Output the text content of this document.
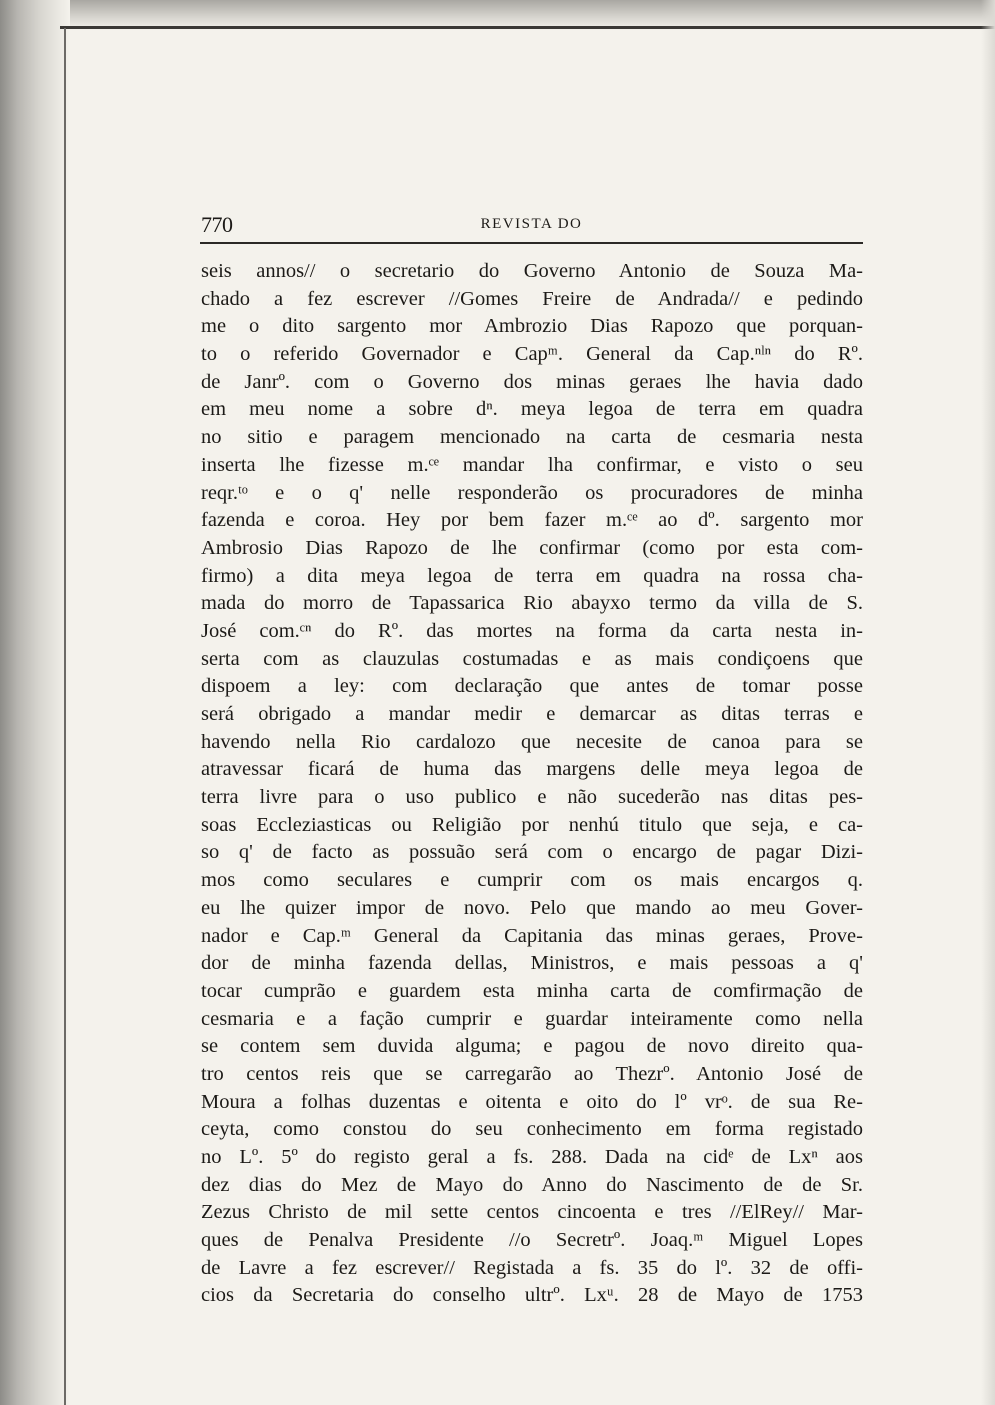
770	REVISTA DO
seis annos// o secretario do Governo Antonio de Souza Ma-
chado a fez escrever //Gomes Freire de Andrada// e pedindo
me o dito sargento mor Ambrozio Dias Rapozo que porquan-
to o referido Governador e Capᵐ. General da Cap.ⁿˡⁿ do Rº.
de Janrº. com o Governo dos minas geraes lhe havia dado
em meu nome a sobre dⁿ. meya legoa de terra em quadra
no sitio e paragem mencionado na carta de cesmaria nesta
inserta lhe fizesse m.ᶜᵉ mandar lha confirmar, e visto o seu
reqr.ᵗᵒ e o q' nelle responderão os procuradores de minha
fazenda e coroa. Hey por bem fazer m.ᶜᵉ ao dº. sargento mor
Ambrosio Dias Rapozo de lhe confirmar (como por esta com-
firmo) a dita meya legoa de terra em quadra na rossa cha-
mada do morro de Tapassarica Rio abayxo termo da villa de S.
José com.ᶜⁿ do Rº. das mortes na forma da carta nesta in-
serta com as clauzulas costumadas e as mais condiçoens que
dispoem a ley: com declaração que antes de tomar posse
será obrigado a mandar medir e demarcar as ditas terras e
havendo nella Rio cardalozo que necesite de canoa para se
atravessar ficará de huma das margens delle meya legoa de
terra livre para o uso publico e não sucederão nas ditas pes-
soas Eccleziasticas ou Religião por nenhú titulo que seja, e ca-
so q' de facto as possuão será com o encargo de pagar Dizi-
mos como seculares e cumprir com os mais encargos q.
eu lhe quizer impor de novo. Pelo que mando ao meu Gover-
nador e Cap.ᵐ General da Capitania das minas geraes, Prove-
dor de minha fazenda dellas, Ministros, e mais pessoas a q'
tocar cumprão e guardem esta minha carta de comfirmação de
cesmaria e a fação cumprir e guardar inteiramente como nella
se contem sem duvida alguma; e pagou de novo direito qua-
tro centos reis que se carregarão ao Thezrº. Antonio José de
Moura a folhas duzentas e oitenta e oito do lº vrᵒ. de sua Re-
ceyta, como constou do seu conhecimento em forma registado
no Lº. 5º do registo geral a fs. 288. Dada na cidᵉ de Lxⁿ aos
dez dias do Mez de Mayo do Anno do Nascimento de de Sr.
Zezus Christo de mil sette centos cincoenta e tres //ElRey// Mar-
ques de Penalva Presidente //o Secretrº. Joaq.ᵐ Miguel Lopes
de Lavre a fez escrever// Registada a fs. 35 do lº. 32 de offi-
cios da Secretaria do conselho ultrº. Lxᵘ. 28 de Mayo de 1753
